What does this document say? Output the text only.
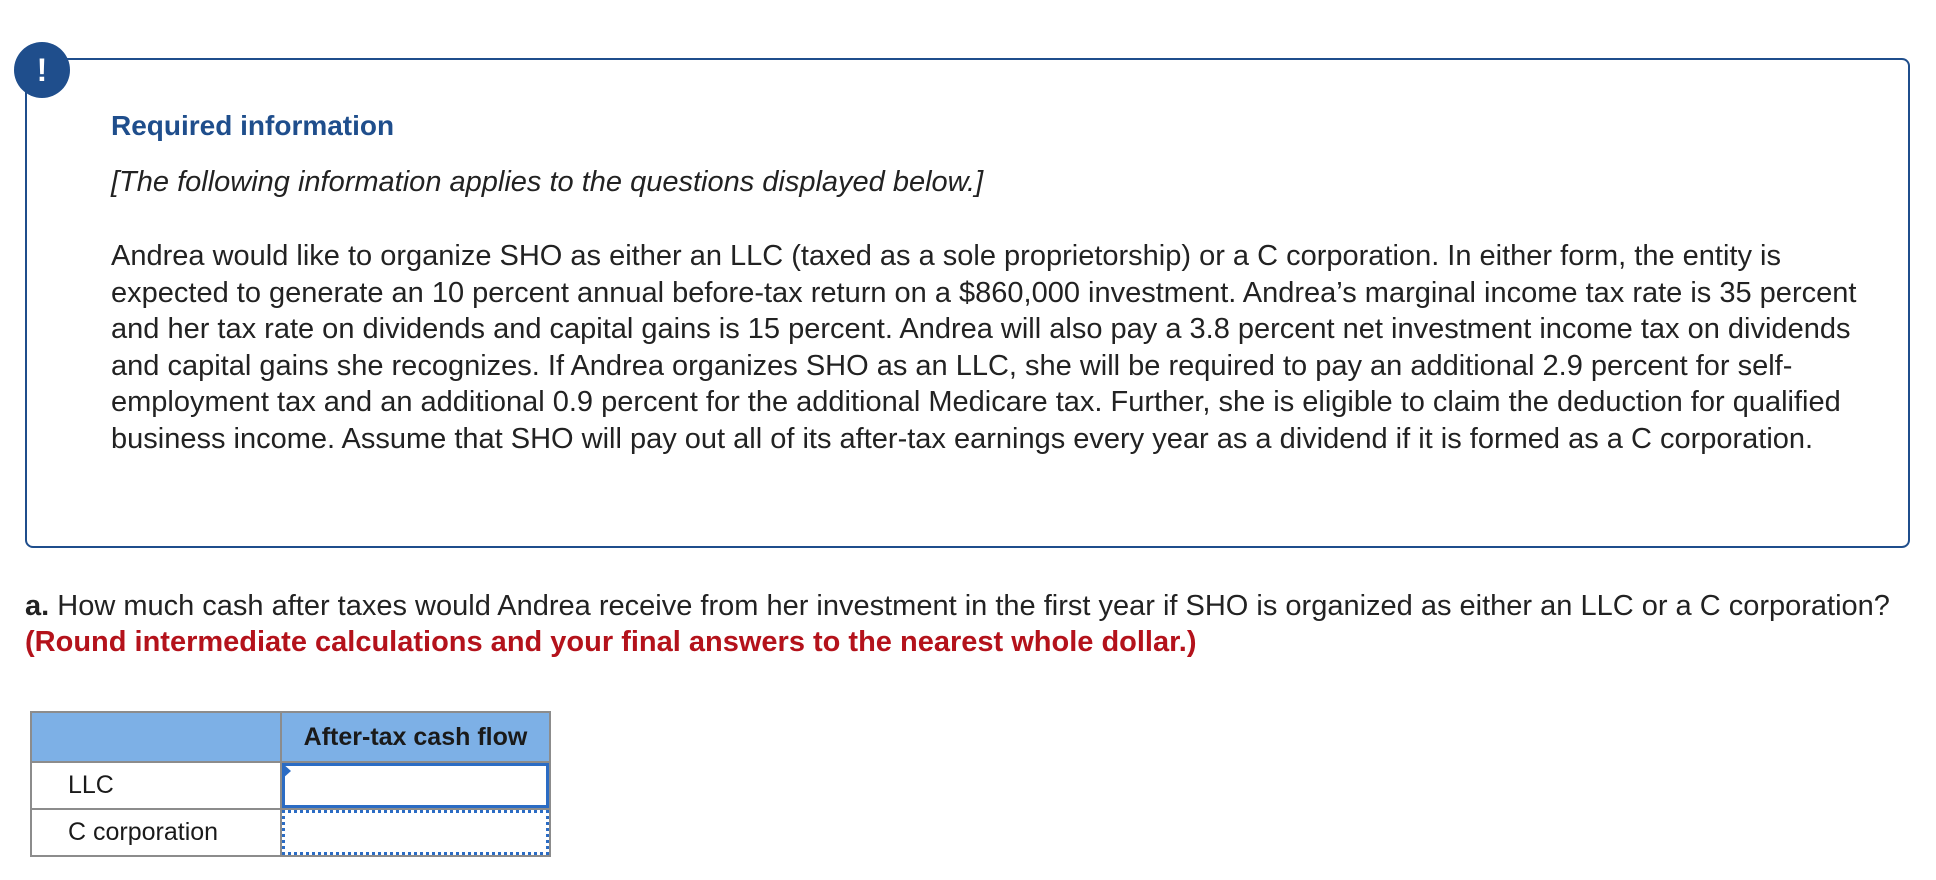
!
Required information
[The following information applies to the questions displayed below.]
Andrea would like to organize SHO as either an LLC (taxed as a sole proprietorship) or a C corporation. In either form, the entity is expected to generate an 10 percent annual before-tax return on a $860,000 investment. Andrea’s marginal income tax rate is 35 percent and her tax rate on dividends and capital gains is 15 percent. Andrea will also pay a 3.8 percent net investment income tax on dividends and capital gains she recognizes. If Andrea organizes SHO as an LLC, she will be required to pay an additional 2.9 percent for self-employment tax and an additional 0.9 percent for the additional Medicare tax. Further, she is eligible to claim the deduction for qualified business income. Assume that SHO will pay out all of its after-tax earnings every year as a dividend if it is formed as a C corporation.
a. How much cash after taxes would Andrea receive from her investment in the first year if SHO is organized as either an LLC or a C corporation? (Round intermediate calculations and your final answers to the nearest whole dollar.)
	After-tax cash flow
LLC	

C corporation	
